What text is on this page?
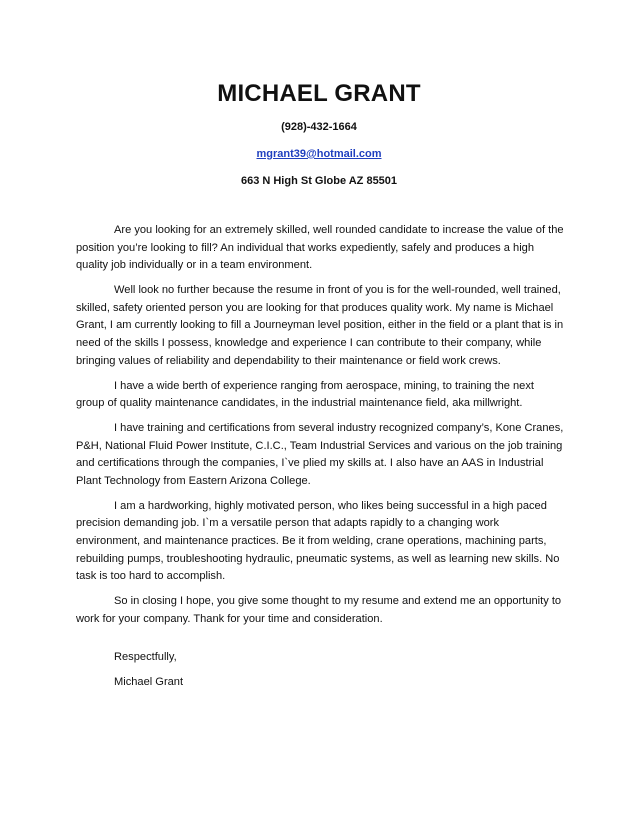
MICHAEL GRANT
(928)-432-1664
mgrant39@hotmail.com
663 N High St Globe AZ 85501

Are you looking for an extremely skilled, well rounded candidate to increase the value of the position you’re looking to fill? An individual that works expediently, safely and produces a high quality job individually or in a team environment.

Well look no further because the resume in front of you is for the well-rounded, well trained, skilled, safety oriented person you are looking for that produces quality work. My name is Michael Grant, I am currently looking to fill a Journeyman level position, either in the field or a plant that is in need of the skills I possess, knowledge and experience I can contribute to their company, while bringing values of reliability and dependability to their maintenance or field work crews.

I have a wide berth of experience ranging from aerospace, mining, to training the next group of quality maintenance candidates, in the industrial maintenance field, aka millwright.

I have training and certifications from several industry recognized company’s, Kone Cranes, P&H, National Fluid Power Institute, C.I.C., Team Industrial Services and various on the job training and certifications through the companies, I`ve plied my skills at. I also have an AAS in Industrial Plant Technology from Eastern Arizona College.

I am a hardworking, highly motivated person, who likes being successful in a high paced precision demanding job. I`m a versatile person that adapts rapidly to a changing work environment, and maintenance practices. Be it from welding, crane operations, machining parts, rebuilding pumps, troubleshooting hydraulic, pneumatic systems, as well as learning new skills. No task is too hard to accomplish.

So in closing I hope, you give some thought to my resume and extend me an opportunity to work for your company. Thank for your time and consideration.

Respectfully,
Michael Grant
